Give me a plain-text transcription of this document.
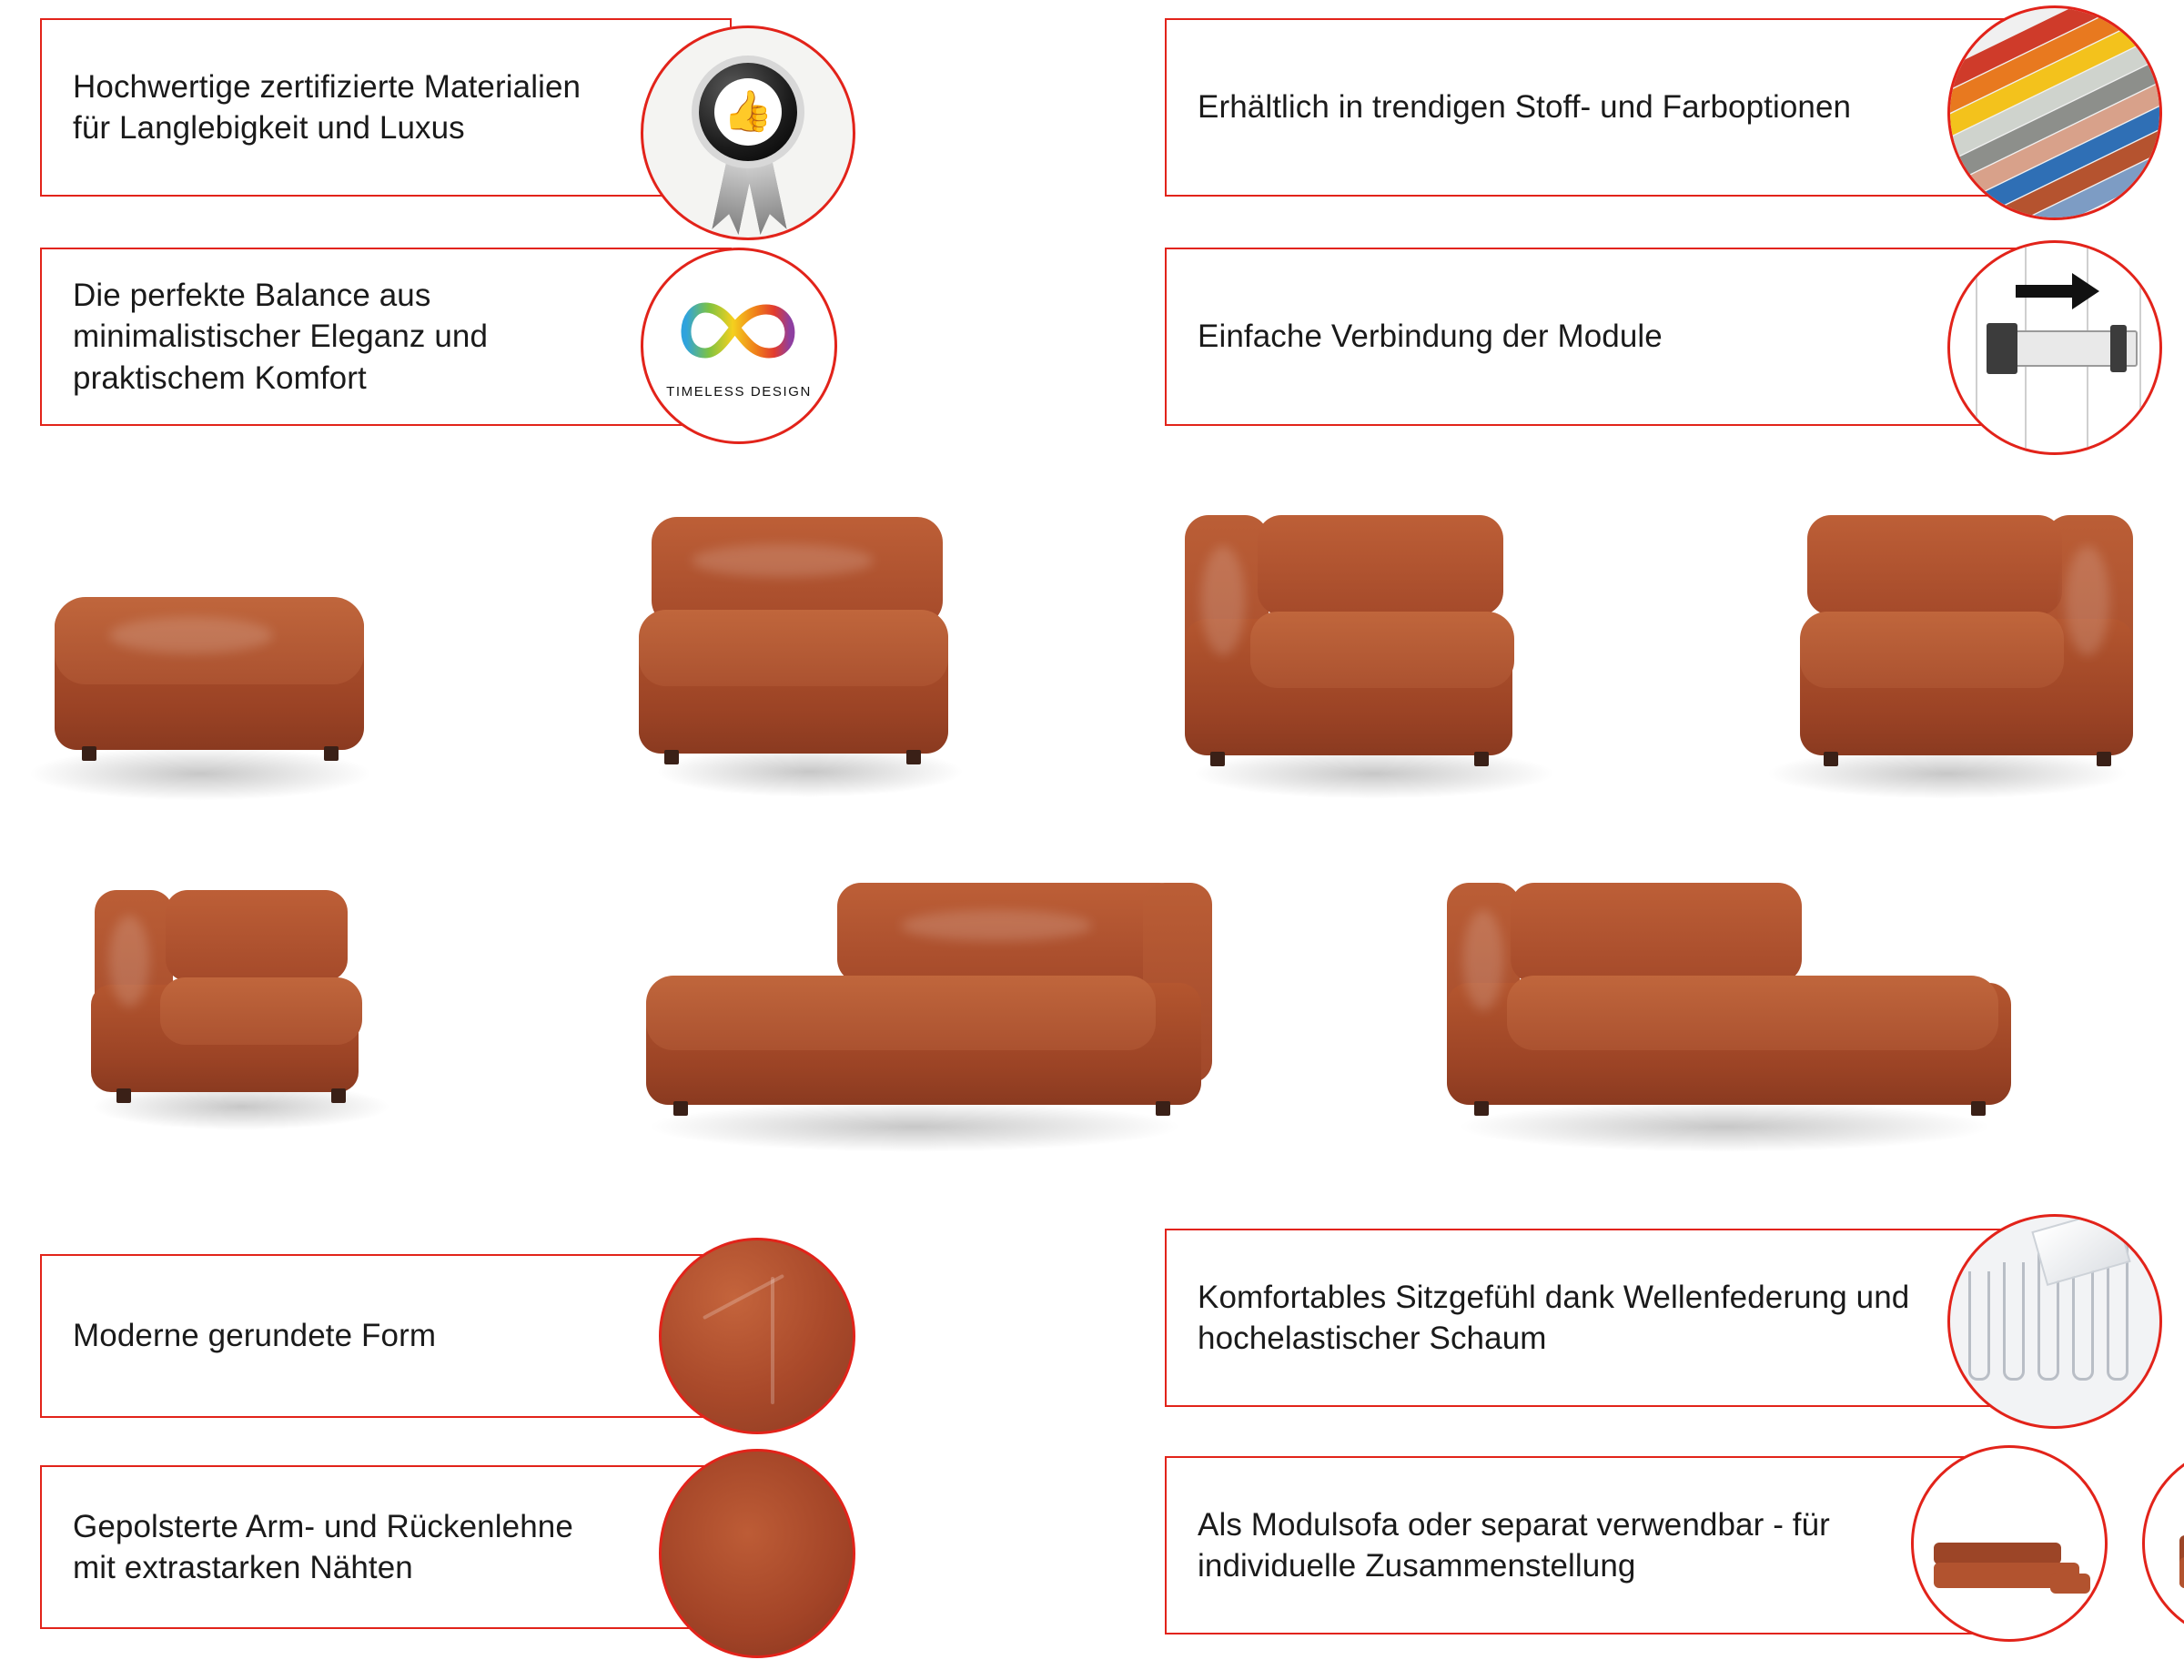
Hochwertige zertifizierte Materialien für Langlebigkeit und Luxus	👍	Erhältlich in trendigen Stoff- und Farboptionen
Die perfekte Balance aus minimalistischer Eleganz und praktischem Komfort	TIMELESS DESIGN
Einfache Verbindung der Module
Moderne gerundete Form
Komfortables Sitzgefühl dank Wellenfederung und hochelastischer Schaum
Gepolsterte Arm- und Rückenlehne mit extrastarken Nähten
Als Modulsofa oder separat verwendbar - für individuelle Zusammenstellung
